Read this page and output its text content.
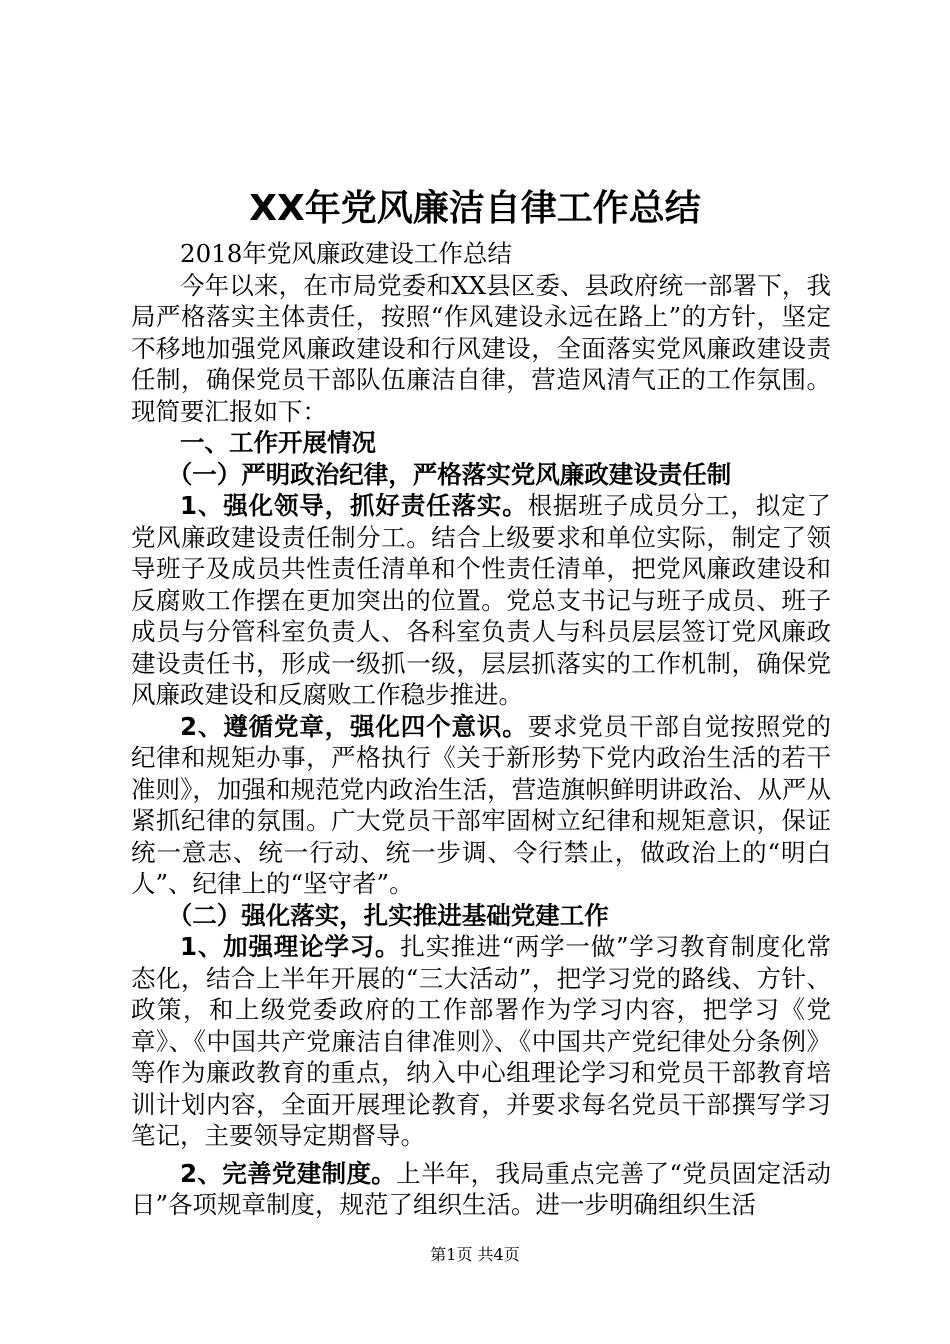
XX年党风廉洁自律工作总结

2018年党风廉政建设工作总结

今年以来，在市局党委和XX县区委、县政府统一部署下，我局严格落实主体责任，按照“作风建设永远在路上”的方针，坚定不移地加强党风廉政建设和行风建设，全面落实党风廉政建设责任制，确保党员干部队伍廉洁自律，营造风清气正的工作氛围。现简要汇报如下：

一、工作开展情况

（一）严明政治纪律，严格落实党风廉政建设责任制

1、强化领导，抓好责任落实。根据班子成员分工，拟定了党风廉政建设责任制分工。结合上级要求和单位实际，制定了领导班子及成员共性责任清单和个性责任清单，把党风廉政建设和反腐败工作摆在更加突出的位置。党总支书记与班子成员、班子成员与分管科室负责人、各科室负责人与科员层层签订党风廉政建设责任书，形成一级抓一级，层层抓落实的工作机制，确保党风廉政建设和反腐败工作稳步推进。

2、遵循党章，强化四个意识。要求党员干部自觉按照党的纪律和规矩办事，严格执行《关于新形势下党内政治生活的若干准则》，加强和规范党内政治生活，营造旗帜鲜明讲政治、从严从紧抓纪律的氛围。广大党员干部牢固树立纪律和规矩意识，保证统一意志、统一行动、统一步调、令行禁止，做政治上的“明白人”、纪律上的“坚守者”。

（二）强化落实，扎实推进基础党建工作

1、加强理论学习。扎实推进“两学一做”学习教育制度化常态化，结合上半年开展的“三大活动”，把学习党的路线、方针、政策，和上级党委政府的工作部署作为学习内容，把学习《党章》、《中国共产党廉洁自律准则》、《中国共产党纪律处分条例》等作为廉政教育的重点，纳入中心组理论学习和党员干部教育培训计划内容，全面开展理论教育，并要求每名党员干部撰写学习笔记，主要领导定期督导。

2、完善党建制度。上半年，我局重点完善了“党员固定活动日”各项规章制度，规范了组织生活。进一步明确组织生活

第1页 共4页
